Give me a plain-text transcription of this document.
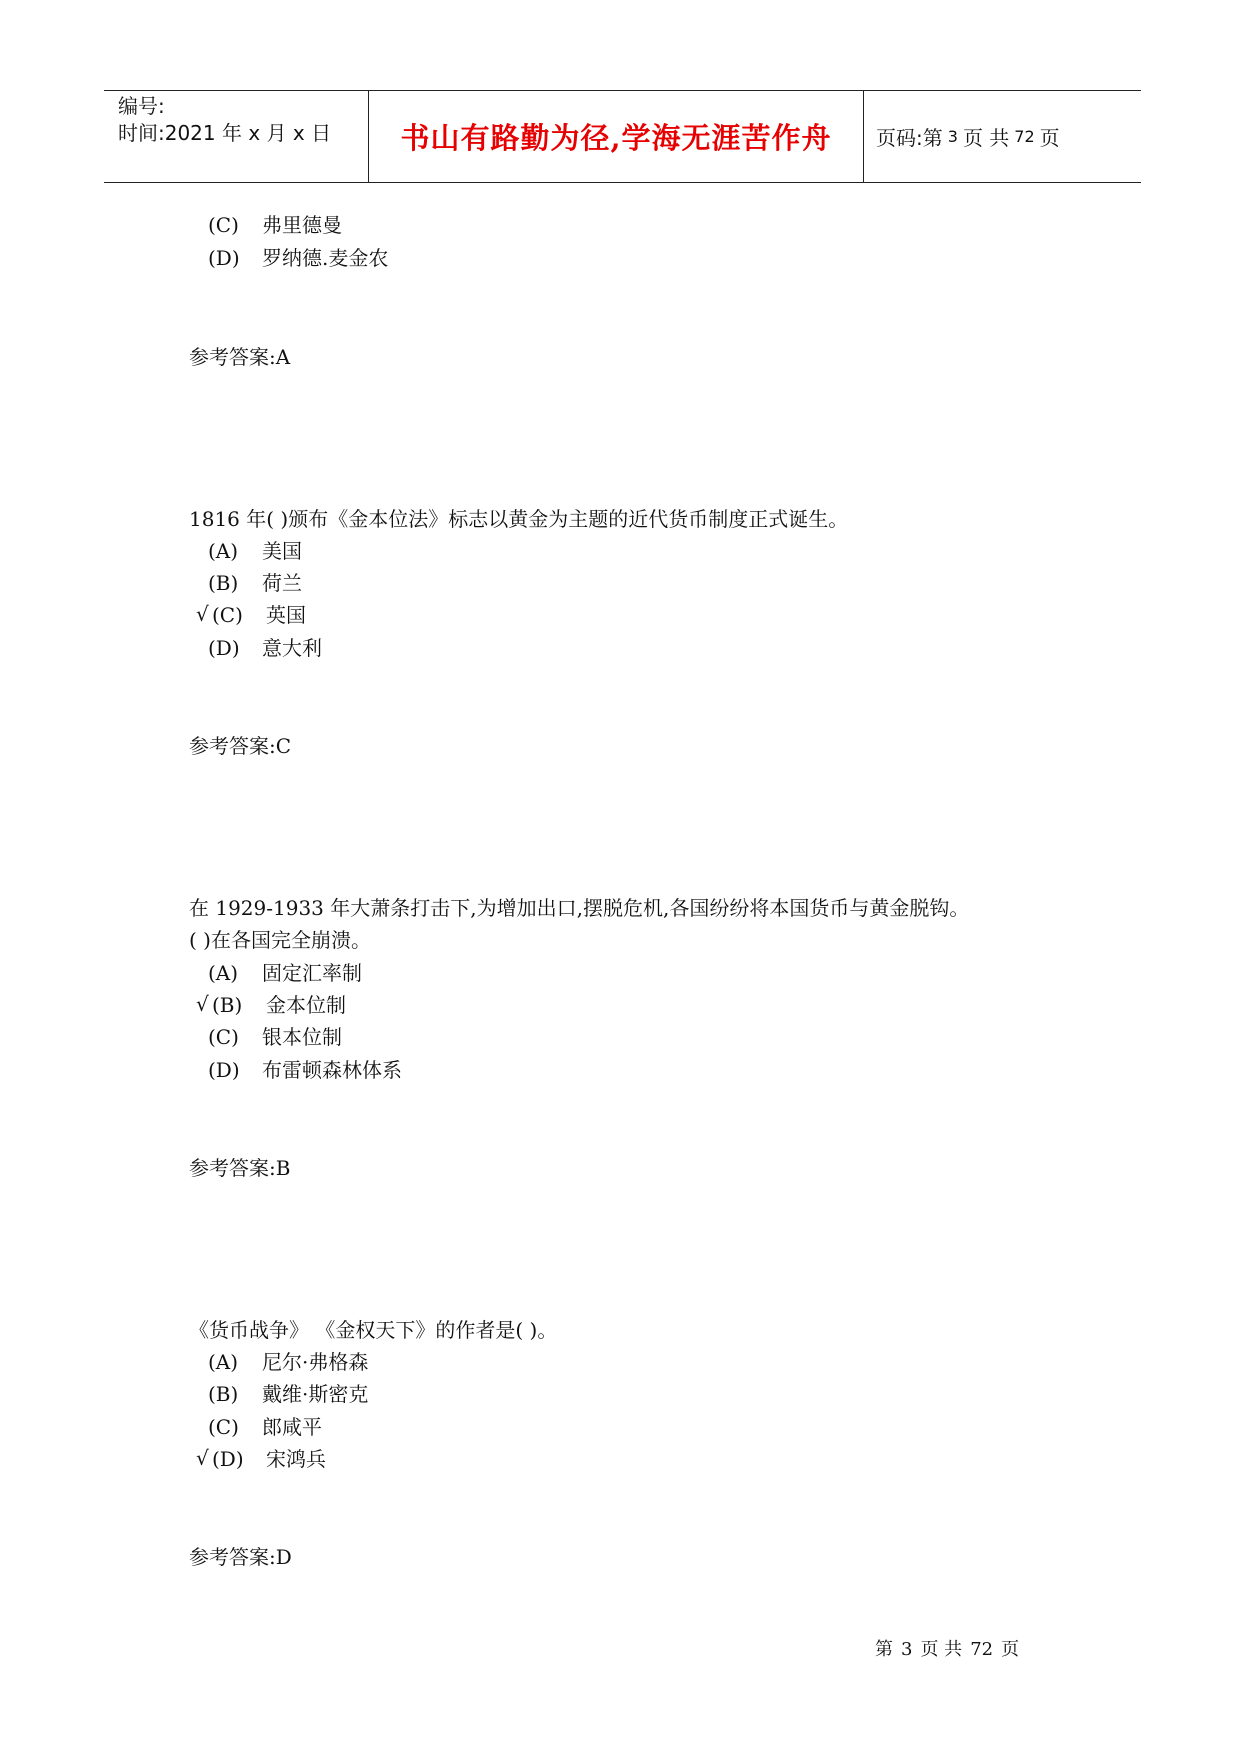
编号:
时间:2021 年 x 月 x 日	书山有路勤为径,学海无涯苦作舟	页码:第 3 页 共 72 页
(C) 弗里德曼
(D) 罗纳德.麦金农
参考答案:A
1816 年( )颁布《金本位法》标志以黄金为主题的近代货币制度正式诞生。
(A) 美国
(B) 荷兰
√ (C) 英国
(D) 意大利
参考答案:C
在 1929-1933 年大萧条打击下,为增加出口,摆脱危机,各国纷纷将本国货币与黄金脱钩。
( )在各国完全崩溃。
(A) 固定汇率制
√ (B) 金本位制
(C) 银本位制
(D) 布雷顿森林体系
参考答案:B
《货币战争》 《金权天下》的作者是( )。
(A) 尼尔·弗格森
(B) 戴维·斯密克
(C) 郎咸平
√ (D) 宋鸿兵
参考答案:D
第 3 页 共 72 页
